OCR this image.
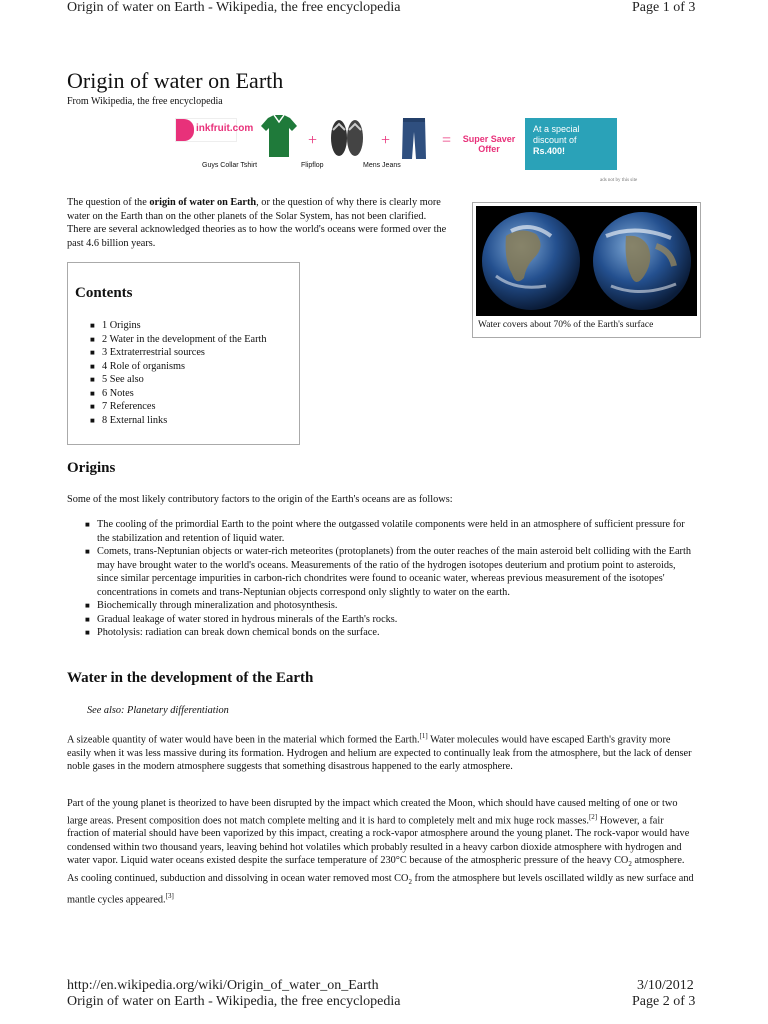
Origin of water on Earth - Wikipedia, the free encyclopedia	Page 1 of 3
Origin of water on Earth
From Wikipedia, the free encyclopedia
inkfruit.com
Guys Collar Tshirt
+
Flipflop
+
Mens Jeans
=	Super Saver
Offer
At a special
discount of
Rs.400!
ads not by this site
The question of the origin of water on Earth, or the question of why there is clearly more water on the Earth than on the other planets of the Solar System, has not been clarified. There are several acknowledged theories as to how the world's oceans were formed over the past 4.6 billion years.
Water covers about 70% of the Earth's surface
Contents
■ 1 Origins
■ 2 Water in the development of the Earth
■ 3 Extraterrestrial sources
■ 4 Role of organisms
■ 5 See also
■ 6 Notes
■ 7 References
■ 8 External links
Origins
Some of the most likely contributory factors to the origin of the Earth's oceans are as follows:
■ The cooling of the primordial Earth to the point where the outgassed volatile components were held in an atmosphere of sufficient pressure for the stabilization and retention of liquid water.
■ Comets, trans-Neptunian objects or water-rich meteorites (protoplanets) from the outer reaches of the main asteroid belt colliding with the Earth may have brought water to the world's oceans. Measurements of the ratio of the hydrogen isotopes deuterium and protium point to asteroids, since similar percentage impurities in carbon-rich chondrites were found to oceanic water, whereas previous measurement of the isotopes' concentrations in comets and trans-Neptunian objects correspond only slightly to water on the earth.
■ Biochemically through mineralization and photosynthesis.
■ Gradual leakage of water stored in hydrous minerals of the Earth's rocks.
■ Photolysis: radiation can break down chemical bonds on the surface.
Water in the development of the Earth
See also: Planetary differentiation
A sizeable quantity of water would have been in the material which formed the Earth.[1] Water molecules would have escaped Earth's gravity more easily when it was less massive during its formation. Hydrogen and helium are expected to continually leak from the atmosphere, but the lack of denser noble gases in the modern atmosphere suggests that something disastrous happened to the early atmosphere.
Part of the young planet is theorized to have been disrupted by the impact which created the Moon, which should have caused melting of one or two large areas. Present composition does not match complete melting and it is hard to completely melt and mix huge rock masses.[2] However, a fair fraction of material should have been vaporized by this impact, creating a rock-vapor atmosphere around the young planet. The rock-vapor would have condensed within two thousand years, leaving behind hot volatiles which probably resulted in a heavy carbon dioxide atmosphere with hydrogen and water vapor. Liquid water oceans existed despite the surface temperature of 230°C because of the atmospheric pressure of the heavy $CO_2$ atmosphere. As cooling continued, subduction and dissolving in ocean water removed most $CO_2$ from the atmosphere but levels oscillated wildly as new surface and mantle cycles appeared.[3]
http://en.wikipedia.org/wiki/Origin_of_water_on_Earth	3/10/2012
Origin of water on Earth - Wikipedia, the free encyclopedia	Page 2 of 3
